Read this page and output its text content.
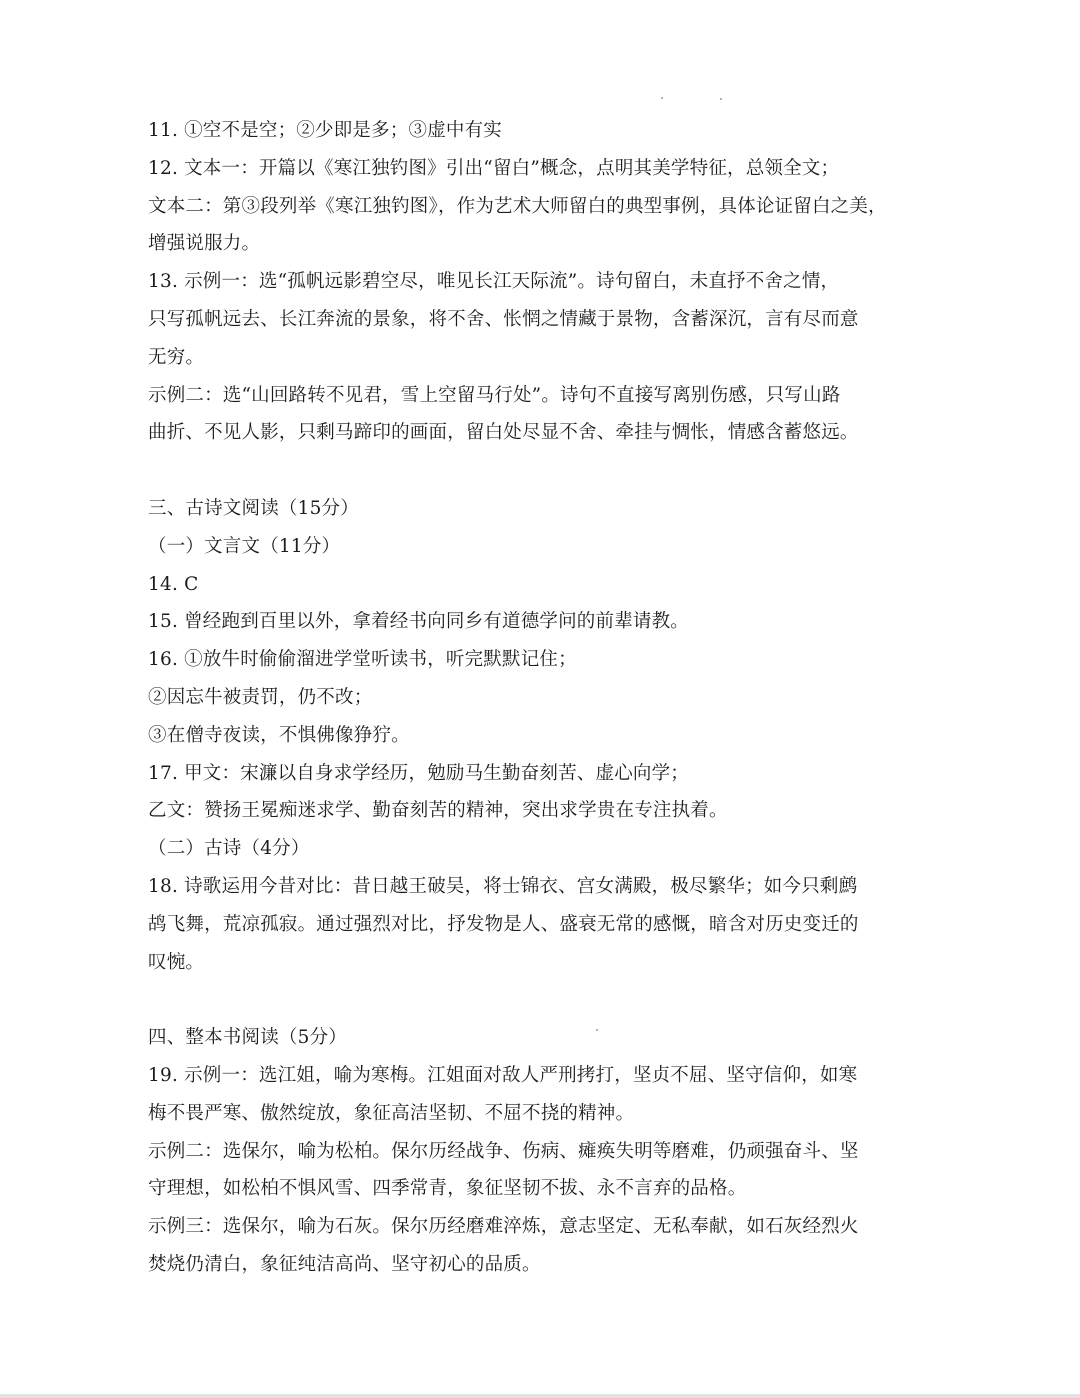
11. ①空不是空；②少即是多；③虚中有实
12. 文本一：开篇以《寒江独钓图》引出“留白”概念，点明其美学特征，总领全文；
文本二：第③段列举《寒江独钓图》，作为艺术大师留白的典型事例，具体论证留白之美，
增强说服力。
13. 示例一：选“孤帆远影碧空尽，唯见长江天际流”。诗句留白，未直抒不舍之情，
只写孤帆远去、长江奔流的景象，将不舍、怅惘之情藏于景物，含蓄深沉，言有尽而意
无穷。
示例二：选“山回路转不见君，雪上空留马行处”。诗句不直接写离别伤感，只写山路
曲折、不见人影，只剩马蹄印的画面，留白处尽显不舍、牵挂与惆怅，情感含蓄悠远。
三、古诗文阅读（15分）
（一）文言文（11分）
14. C
15. 曾经跑到百里以外，拿着经书向同乡有道德学问的前辈请教。
16. ①放牛时偷偷溜进学堂听读书，听完默默记住；
②因忘牛被责罚，仍不改；
③在僧寺夜读，不惧佛像狰狞。
17. 甲文：宋濂以自身求学经历，勉励马生勤奋刻苦、虚心向学；
乙文：赞扬王冕痴迷求学、勤奋刻苦的精神，突出求学贵在专注执着。
（二）古诗（4分）
18. 诗歌运用今昔对比：昔日越王破吴，将士锦衣、宫女满殿，极尽繁华；如今只剩鹧
鸪飞舞，荒凉孤寂。通过强烈对比，抒发物是人、盛衰无常的感慨，暗含对历史变迁的
叹惋。
四、整本书阅读（5分）
19. 示例一：选江姐，喻为寒梅。江姐面对敌人严刑拷打，坚贞不屈、坚守信仰，如寒
梅不畏严寒、傲然绽放，象征高洁坚韧、不屈不挠的精神。
示例二：选保尔，喻为松柏。保尔历经战争、伤病、瘫痪失明等磨难，仍顽强奋斗、坚
守理想，如松柏不惧风雪、四季常青，象征坚韧不拔、永不言弃的品格。
示例三：选保尔，喻为石灰。保尔历经磨难淬炼，意志坚定、无私奉献，如石灰经烈火
焚烧仍清白，象征纯洁高尚、坚守初心的品质。
